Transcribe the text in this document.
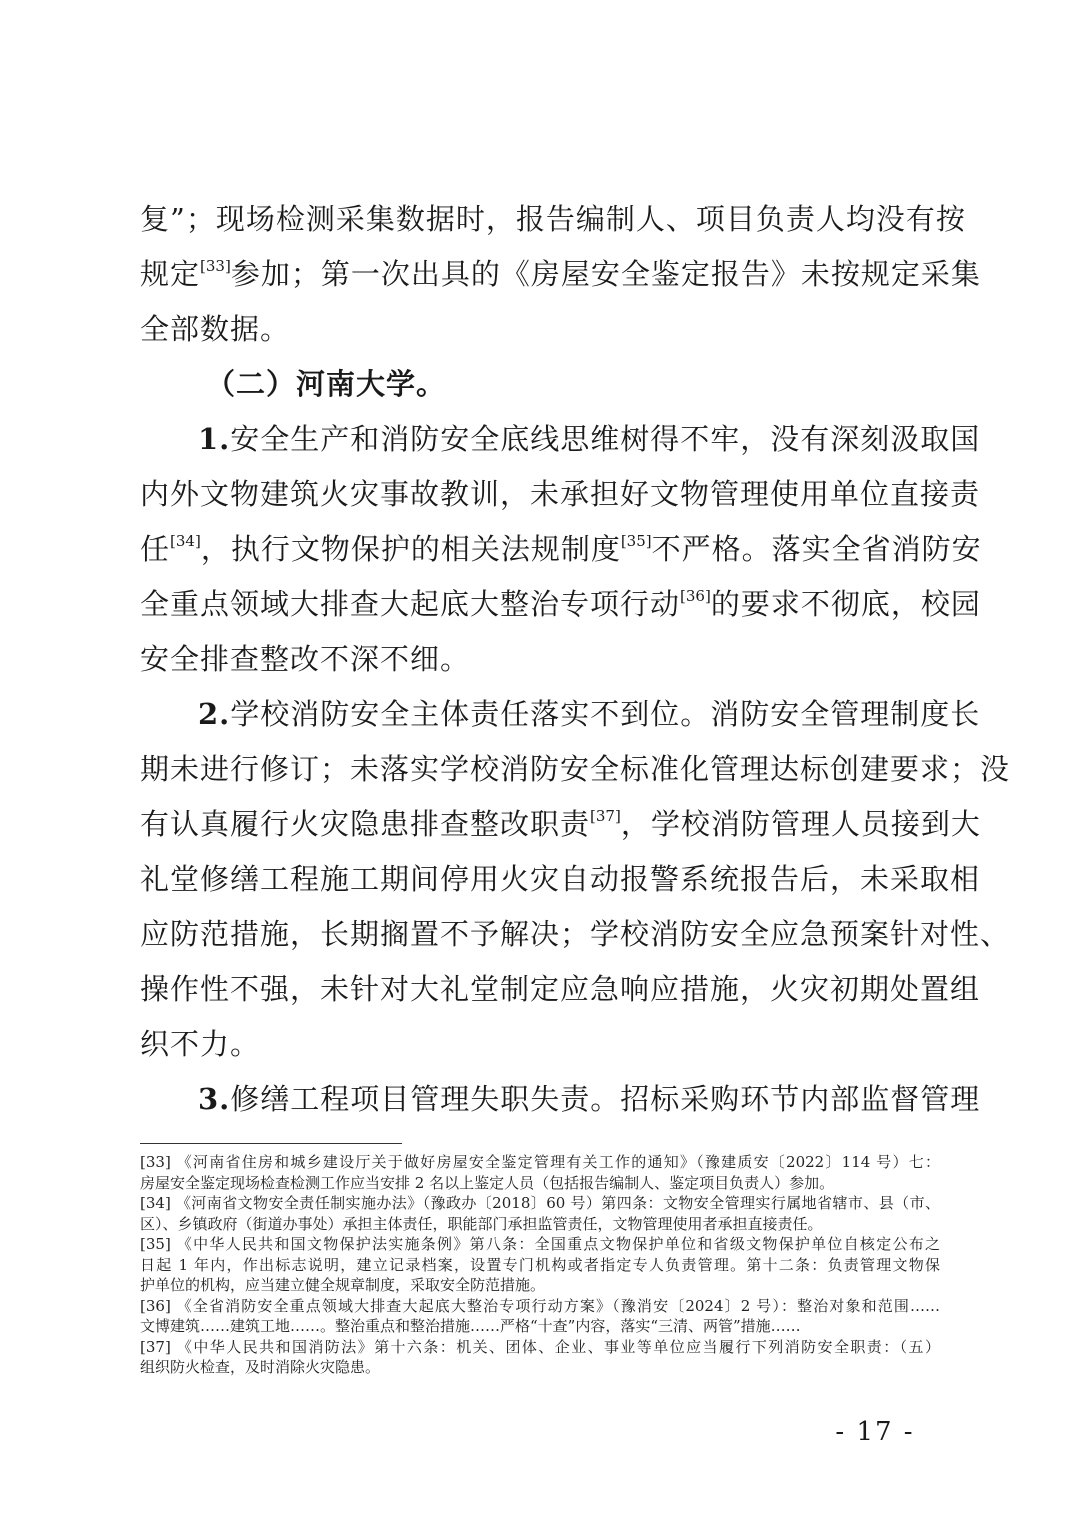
复”；现场检测采集数据时，报告编制人、项目负责人均没有按
规定[33]参加；第一次出具的《房屋安全鉴定报告》未按规定采集
全部数据。
（二）河南大学。
1.安全生产和消防安全底线思维树得不牢，没有深刻汲取国
内外文物建筑火灾事故教训，未承担好文物管理使用单位直接责
任[34]，执行文物保护的相关法规制度[35]不严格。落实全省消防安
全重点领域大排查大起底大整治专项行动[36]的要求不彻底，校园
安全排查整改不深不细。
2.学校消防安全主体责任落实不到位。消防安全管理制度长
期未进行修订；未落实学校消防安全标准化管理达标创建要求；没
有认真履行火灾隐患排查整改职责[37]，学校消防管理人员接到大
礼堂修缮工程施工期间停用火灾自动报警系统报告后，未采取相
应防范措施，长期搁置不予解决；学校消防安全应急预案针对性、
操作性不强，未针对大礼堂制定应急响应措施，火灾初期处置组
织不力。
3.修缮工程项目管理失职失责。招标采购环节内部监督管理
[33] 《河南省住房和城乡建设厅关于做好房屋安全鉴定管理有关工作的通知》（豫建质安〔2022〕114 号）七：
房屋安全鉴定现场检查检测工作应当安排 2 名以上鉴定人员（包括报告编制人、鉴定项目负责人）参加。
[34] 《河南省文物安全责任制实施办法》（豫政办〔2018〕60 号）第四条：文物安全管理实行属地省辖市、县（市、
区）、乡镇政府（街道办事处）承担主体责任，职能部门承担监管责任，文物管理使用者承担直接责任。
[35] 《中华人民共和国文物保护法实施条例》第八条：全国重点文物保护单位和省级文物保护单位自核定公布之
日起 1 年内，作出标志说明，建立记录档案，设置专门机构或者指定专人负责管理。第十二条：负责管理文物保
护单位的机构，应当建立健全规章制度，采取安全防范措施。
[36] 《全省消防安全重点领域大排查大起底大整治专项行动方案》（豫消安〔2024〕2 号）：整治对象和范围……
文博建筑……建筑工地……。整治重点和整治措施……严格“十查”内容，落实“三清、两管”措施……
[37] 《中华人民共和国消防法》第十六条：机关、团体、企业、事业等单位应当履行下列消防安全职责：（五）
组织防火检查，及时消除火灾隐患。
- 17 -
